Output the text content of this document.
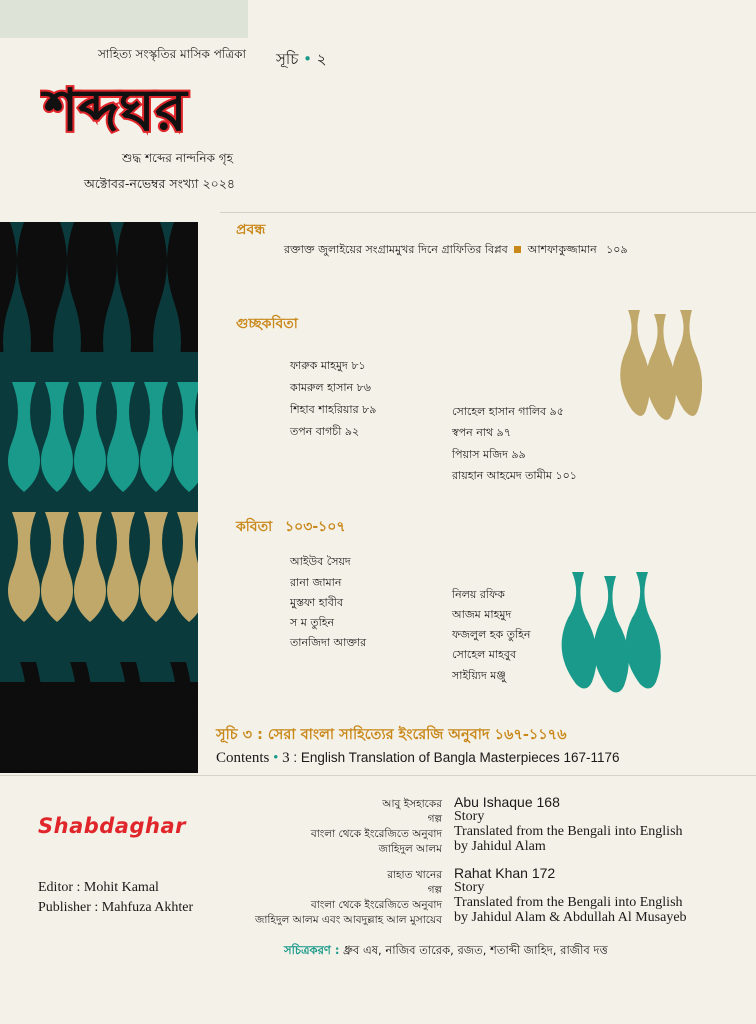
সাহিত্য সংস্কৃতির মাসিক পত্রিকা
শব্দঘর
শুদ্ধ শব্দের নান্দনিক গৃহ
অক্টোবর-নভেম্বর সংখ্যা ২০২৪
সূচি • ২
প্রবন্ধ
রক্তাক্ত জুলাইয়ের সংগ্রামমুখর দিনে গ্রাফিতির বিপ্লব আশফাকুজ্জামান ১০৯
গুচ্ছকবিতা
ফারুক মাহমুদ ৮১
কামরুল হাসান ৮৬
শিহাব শাহরিয়ার ৮৯
তপন বাগচী ৯২
সোহেল হাসান গালিব ৯৫
স্বপন নাথ ৯৭
পিয়াস মজিদ ৯৯
রায়হান আহমেদ তামীম ১০১
কবিতা ১০৩-১০৭
আইউব সৈয়দ
রানা জামান
মুস্তফা হাবীব
স ম তুহিন
তানজিদা আক্তার
নিলয় রফিক
আজম মাহমুদ
ফজলুল হক তুহিন
সোহেল মাহবুব
সাইয়্যিদ মঞ্জু
সূচি ৩ : সেরা বাংলা সাহিত্যের ইংরেজি অনুবাদ ১৬৭-১১৭৬
Contents • 3 : English Translation of Bangla Masterpieces 167-1176
Shabdaghar
Editor : Mohit Kamal
Publisher : Mahfuza Akhter
আবু ইসহাকের
গল্প
বাংলা থেকে ইংরেজিতে অনুবাদ
জাহিদুল আলম
Abu Ishaque 168
Story
Translated from the Bengali into English
by Jahidul Alam
রাহাত খানের
গল্প
বাংলা থেকে ইংরেজিতে অনুবাদ
জাহিদুল আলম এবং আবদুল্লাহ আল মুসায়েব
Rahat Khan 172
Story
Translated from the Bengali into English
by Jahidul Alam & Abdullah Al Musayeb
সচিত্রকরণ : ধ্রুব এষ, নাজিব তারেক, রজত, শতাব্দী জাহিদ, রাজীব দত্ত
